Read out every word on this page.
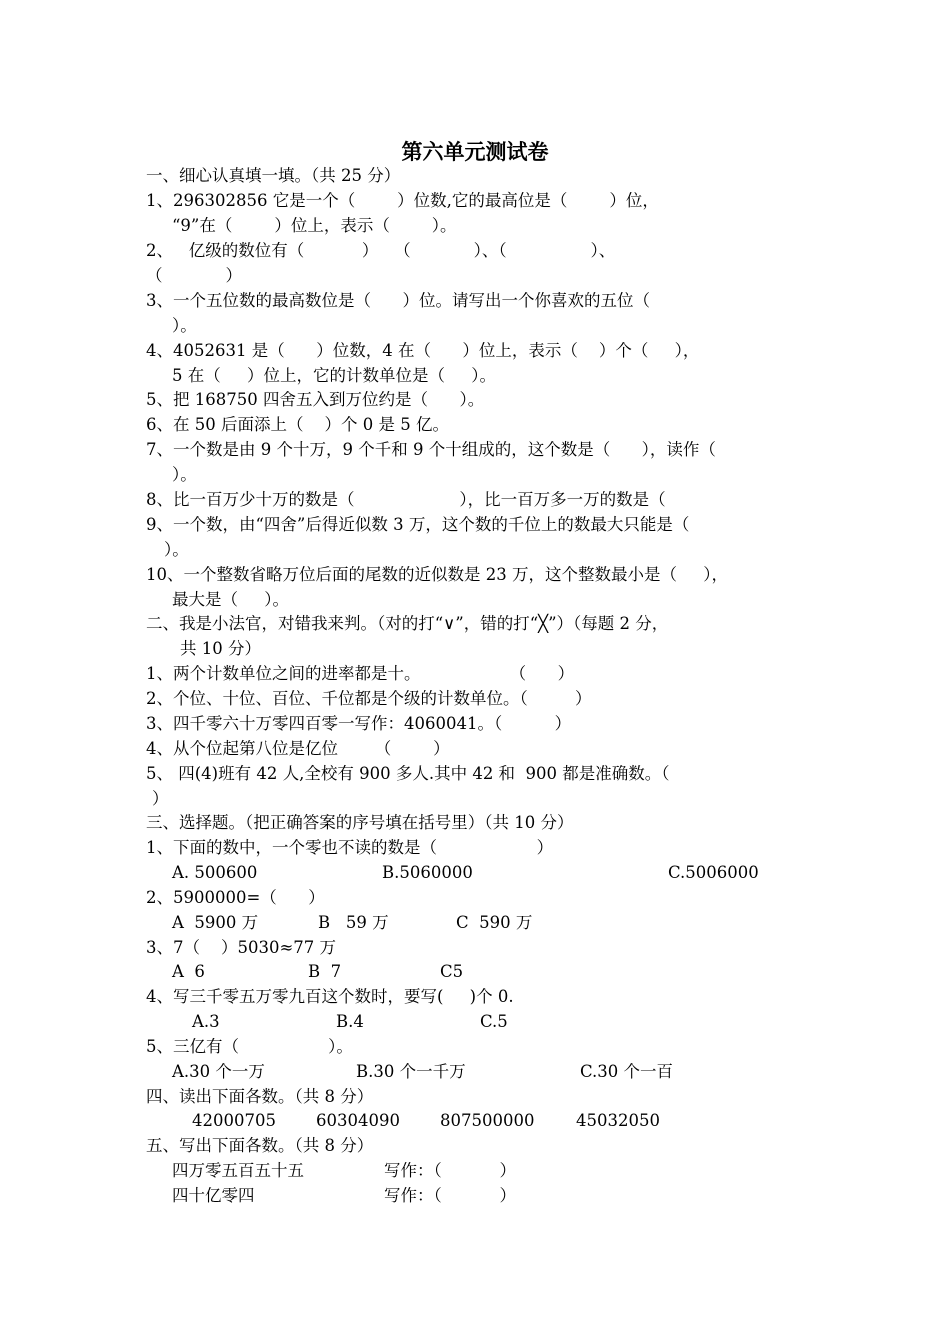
第六单元测试卷
一、细心认真填一填。（共 25 分）
1、296302856 它是一个（        ）位数,它的最高位是（        ）位，
“9”在（        ）位上，表示（        ）。
2、   亿级的数位有（           ）   （            ）、（                ）、
（            ）
3、一个五位数的最高数位是（      ）位。请写出一个你喜欢的五位（
）。
4、4052631 是（      ）位数，4 在（      ）位上，表示（    ）个（     ），
5 在（     ）位上，它的计数单位是（     ）。
5、把 168750 四舍五入到万位约是（      ）。
6、在 50 后面添上（    ）个 0 是 5 亿。
7、一个数是由 9 个十万，9 个千和 9 个十组成的，这个数是（      ），读作（
）。
8、比一百万少十万的数是（                    ），比一百万多一万的数是（
9、一个数，由“四舍”后得近似数 3 万，这个数的千位上的数最大只能是（
）。
10、一个整数省略万位后面的尾数的近似数是 23 万，这个整数最小是（     ），
最大是（     ）。
二、我是小法官，对错我来判。（对的打“∨”，错的打“╳”）（每题 2 分，
共 10 分）
1、两个计数单位之间的进率都是十。                 （      ）
2、个位、十位、百位、千位都是个级的计数单位。（         ）
3、四千零六十万零四百零一写作：4060041。（          ）
4、从个位起第八位是亿位       （        ）
5、 四(4)班有 42 人,全校有 900 多人.其中 42 和  900 都是准确数。（
）
三、选择题。（把正确答案的序号填在括号里）（共 10 分）
1、下面的数中，一个零也不读的数是（                   ）
A. 500600	B.5060000	C.5006000
2、5900000=（      ）
A  5900 万	B   59 万	C  590 万
3、7（    ）5030≈77 万
A  6	B  7	C5
4、写三千零五万零九百这个数时，要写(     )个 0.
A.3	B.4	C.5
5、三亿有（                 ）。
A.30 个一万	B.30 个一千万	C.30 个一百
四、读出下面各数。（共 8 分）
42000705 60304090 807500000	45032050
五、写出下面各数。（共 8 分）
四万零五百五十五	写作：（           ）
四十亿零四	写作：（           ）
